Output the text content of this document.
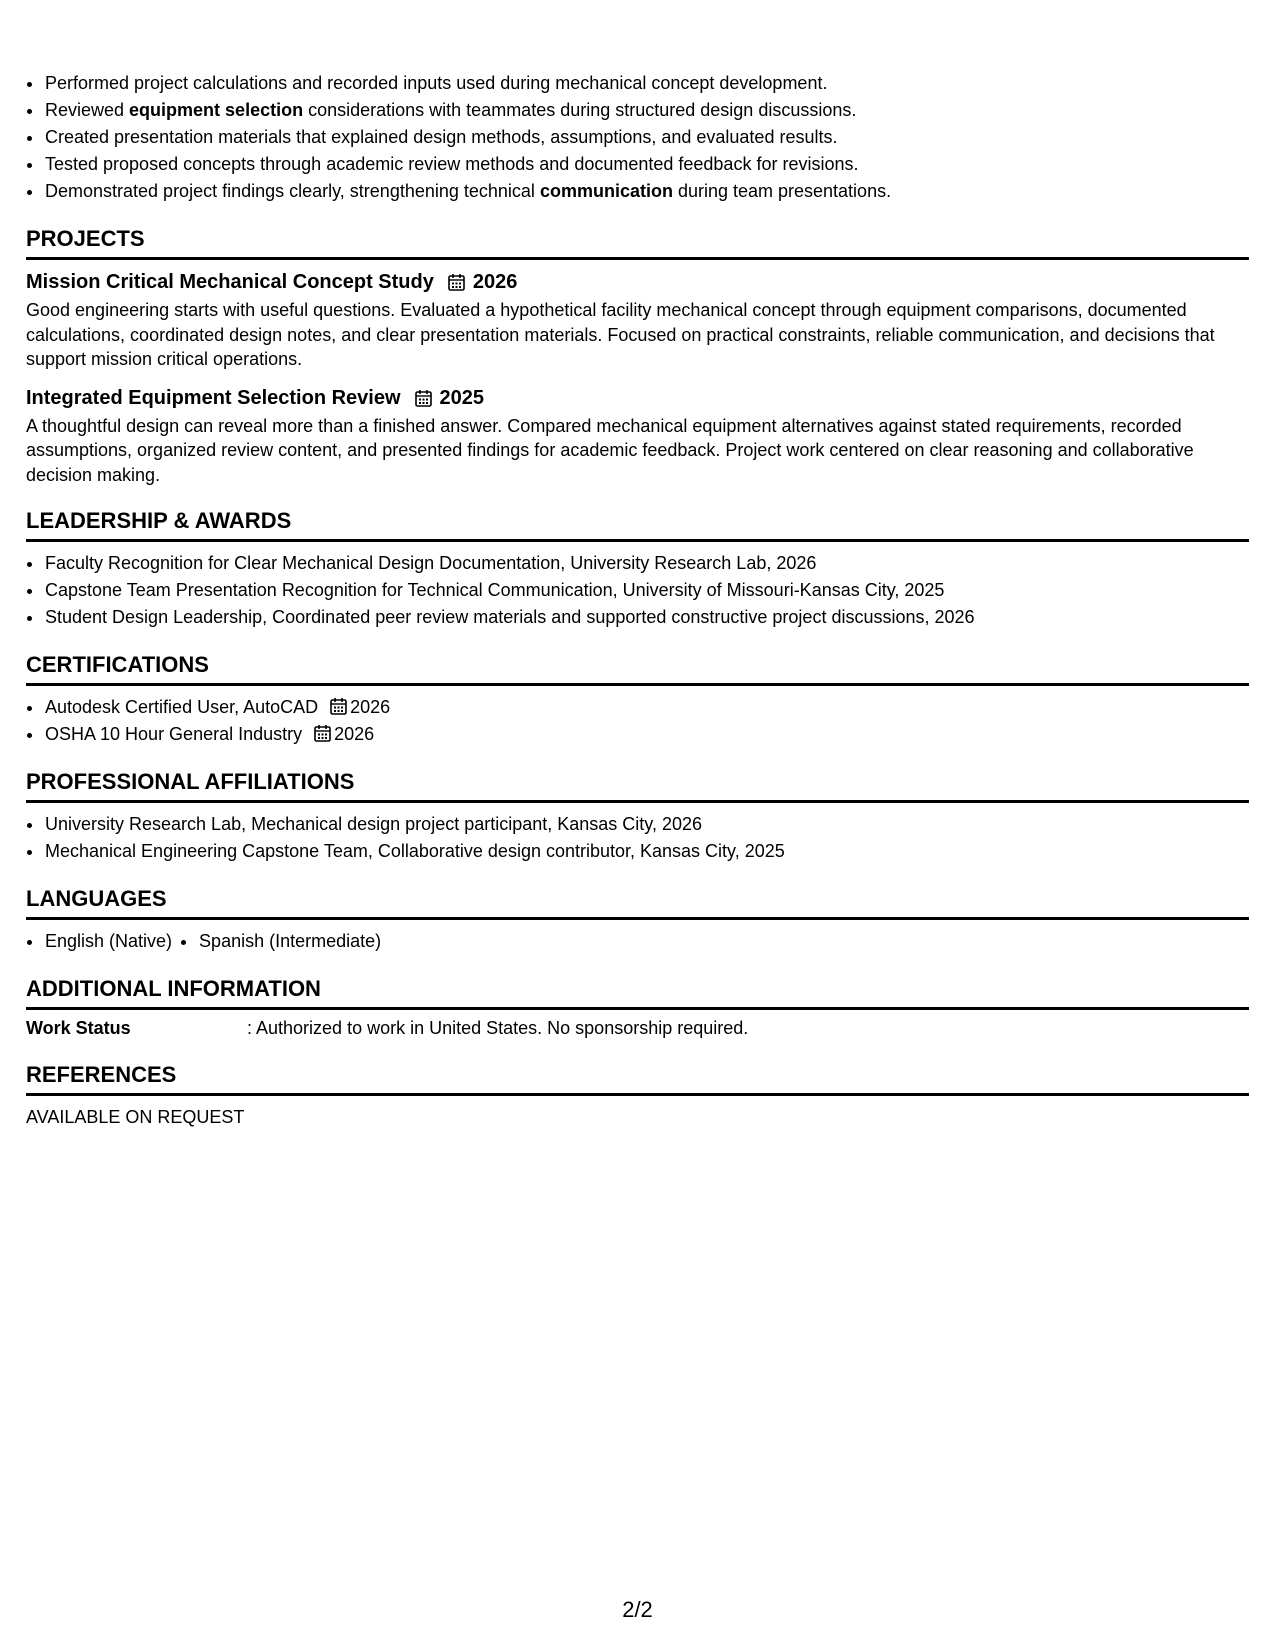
• Performed project calculations and recorded inputs used during mechanical concept development.
• Reviewed equipment selection considerations with teammates during structured design discussions.
• Created presentation materials that explained design methods, assumptions, and evaluated results.
• Tested proposed concepts through academic review methods and documented feedback for revisions.
• Demonstrated project findings clearly, strengthening technical communication during team presentations.
PROJECTS
Mission Critical Mechanical Concept Study 2026
Good engineering starts with useful questions. Evaluated a hypothetical facility mechanical concept through equipment comparisons, documented calculations, coordinated design notes, and clear presentation materials. Focused on practical constraints, reliable communication, and decisions that support mission critical operations.
Integrated Equipment Selection Review 2025
A thoughtful design can reveal more than a finished answer. Compared mechanical equipment alternatives against stated requirements, recorded assumptions, organized review content, and presented findings for academic feedback. Project work centered on clear reasoning and collaborative decision making.
LEADERSHIP & AWARDS
• Faculty Recognition for Clear Mechanical Design Documentation, University Research Lab, 2026
• Capstone Team Presentation Recognition for Technical Communication, University of Missouri-Kansas City, 2025
• Student Design Leadership, Coordinated peer review materials and supported constructive project discussions, 2026
CERTIFICATIONS
• Autodesk Certified User, AutoCAD 2026
• OSHA 10 Hour General Industry 2026
PROFESSIONAL AFFILIATIONS
• University Research Lab, Mechanical design project participant, Kansas City, 2026
• Mechanical Engineering Capstone Team, Collaborative design contributor, Kansas City, 2025
LANGUAGES
• English (Native)
• Spanish (Intermediate)
ADDITIONAL INFORMATION
Work Status	: Authorized to work in United States. No sponsorship required.
REFERENCES
AVAILABLE ON REQUEST
2/2
